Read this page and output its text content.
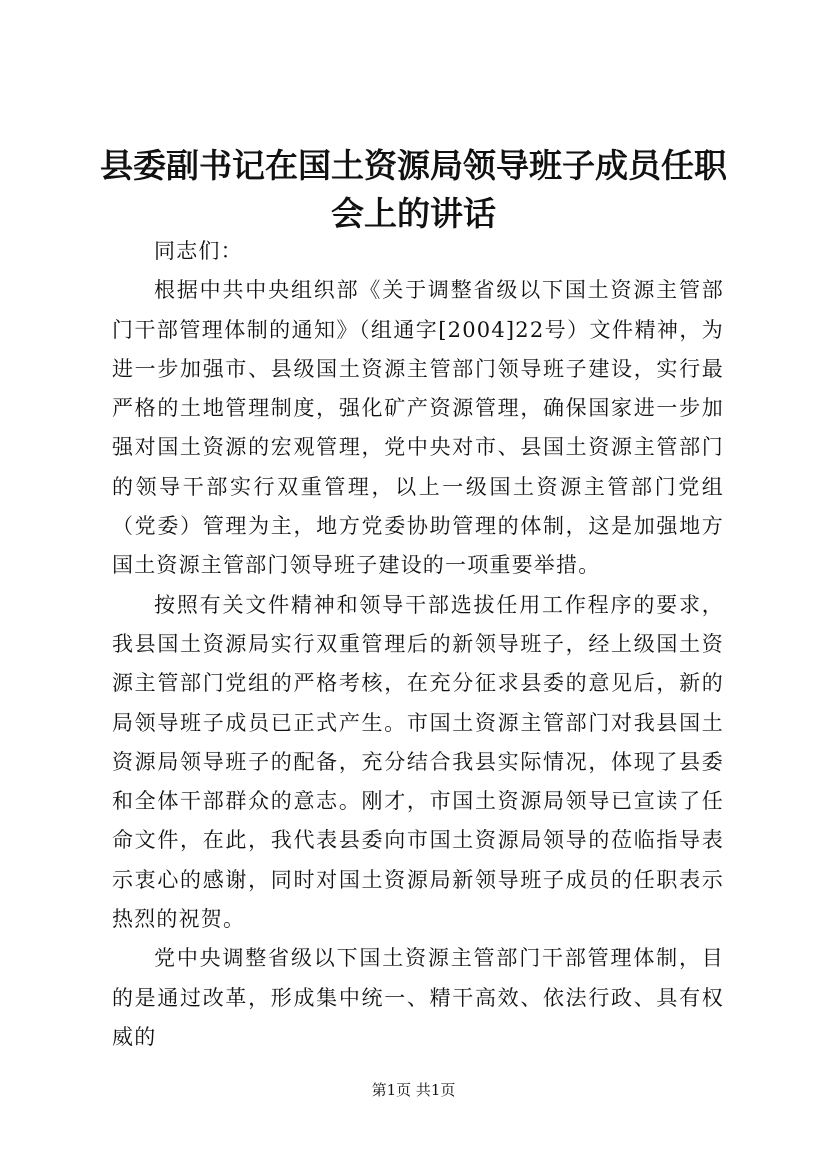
县委副书记在国土资源局领导班子成员任职会上的讲话

同志们：

根据中共中央组织部《关于调整省级以下国土资源主管部门干部管理体制的通知》（组通字[2004]22号）文件精神，为进一步加强市、县级国土资源主管部门领导班子建设，实行最严格的土地管理制度，强化矿产资源管理，确保国家进一步加强对国土资源的宏观管理，党中央对市、县国土资源主管部门的领导干部实行双重管理，以上一级国土资源主管部门党组（党委）管理为主，地方党委协助管理的体制，这是加强地方国土资源主管部门领导班子建设的一项重要举措。

按照有关文件精神和领导干部选拔任用工作程序的要求，我县国土资源局实行双重管理后的新领导班子，经上级国土资源主管部门党组的严格考核，在充分征求县委的意见后，新的局领导班子成员已正式产生。市国土资源主管部门对我县国土资源局领导班子的配备，充分结合我县实际情况，体现了县委和全体干部群众的意志。刚才，市国土资源局领导已宣读了任命文件，在此，我代表县委向市国土资源局领导的莅临指导表示衷心的感谢，同时对国土资源局新领导班子成员的任职表示热烈的祝贺。

党中央调整省级以下国土资源主管部门干部管理体制，目的是通过改革，形成集中统一、精干高效、依法行政、具有权威的

第1页 共1页
